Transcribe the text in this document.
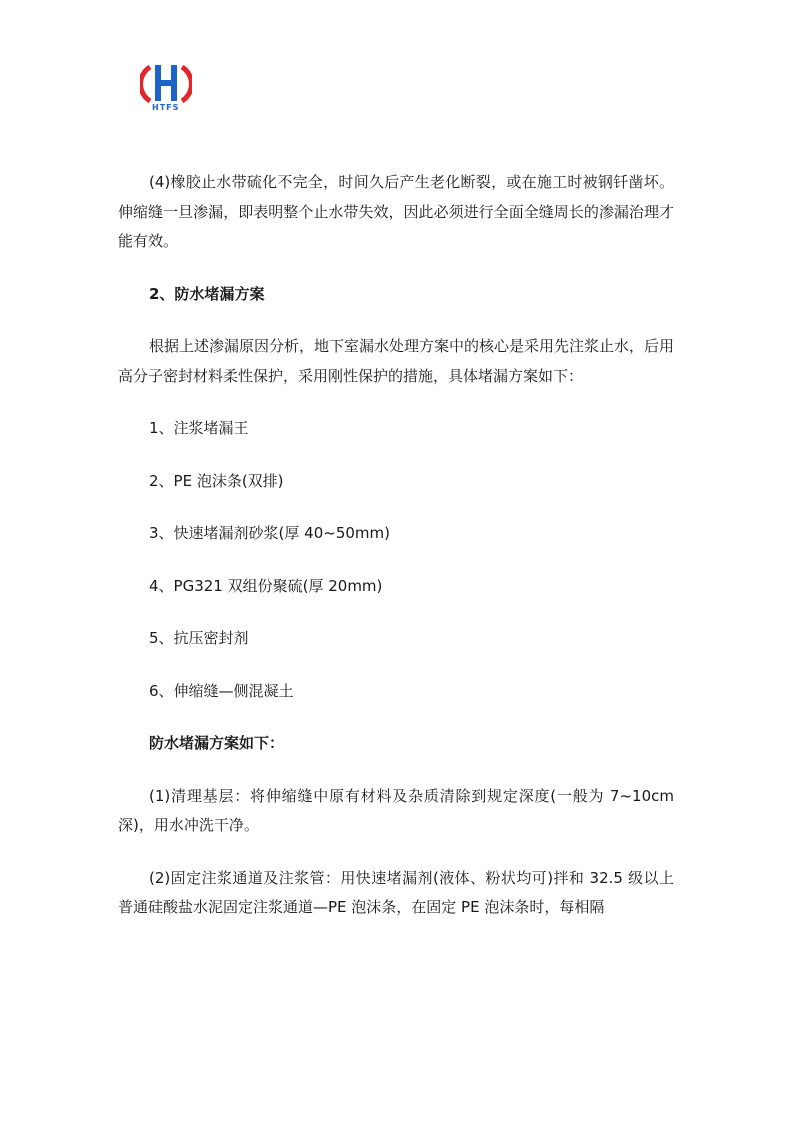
HTFS

(4)橡胶止水带硫化不完全，时间久后产生老化断裂，或在施工时被钢钎凿坏。 伸缩缝一旦渗漏，即表明整个止水带失效，因此必须进行全面全缝周长的渗漏治理才能有效。

2、防水堵漏方案

根据上述渗漏原因分析，地下室漏水处理方案中的核心是采用先注浆止水，后用高分子密封材料柔性保护，采用刚性保护的措施，具体堵漏方案如下：

1、注浆堵漏王

2、PE 泡沫条(双排)

3、快速堵漏剂砂浆(厚 40~50mm)

4、PG321 双组份聚硫(厚 20mm)

5、抗压密封剂

6、伸缩缝—侧混凝土

防水堵漏方案如下：

(1)清理基层：将伸缩缝中原有材料及杂质清除到规定深度(一般为 7~10cm 深)，用水冲洗干净。

(2)固定注浆通道及注浆管：用快速堵漏剂(液体、粉状均可)拌和 32.5 级以上普通硅酸盐水泥固定注浆通道—PE 泡沫条，在固定 PE 泡沫条时，每相隔
